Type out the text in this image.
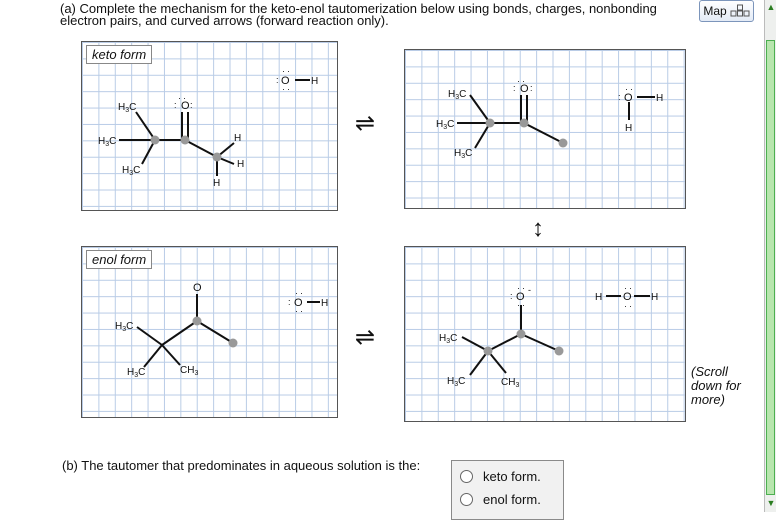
(a) Complete the mechanism for the keto-enol tautomerization below using bonds, charges, nonbonding
electron pairs, and curved arrows (forward reaction only).
Map
keto form
$H_3C$
$H_3C$
$H_3C$
O
··
: :
H
H
H
O
··
··
:	H
⇌
$H_3C$
$H_3C$
$H_3C$
O
··
: :
O
··
:	H
H
↕
enol form
O
$H_3C$
$H_3C$	$CH_3$
O
··
··
:	H
⇌
O
··
··
:
-
$H_3C$
$H_3C$	$CH_3$
H O
··
··
H
(Scroll
down for
more)
(b) The tautomer that predominates in aqueous solution is the:
keto form.
enol form.
▲
▼
